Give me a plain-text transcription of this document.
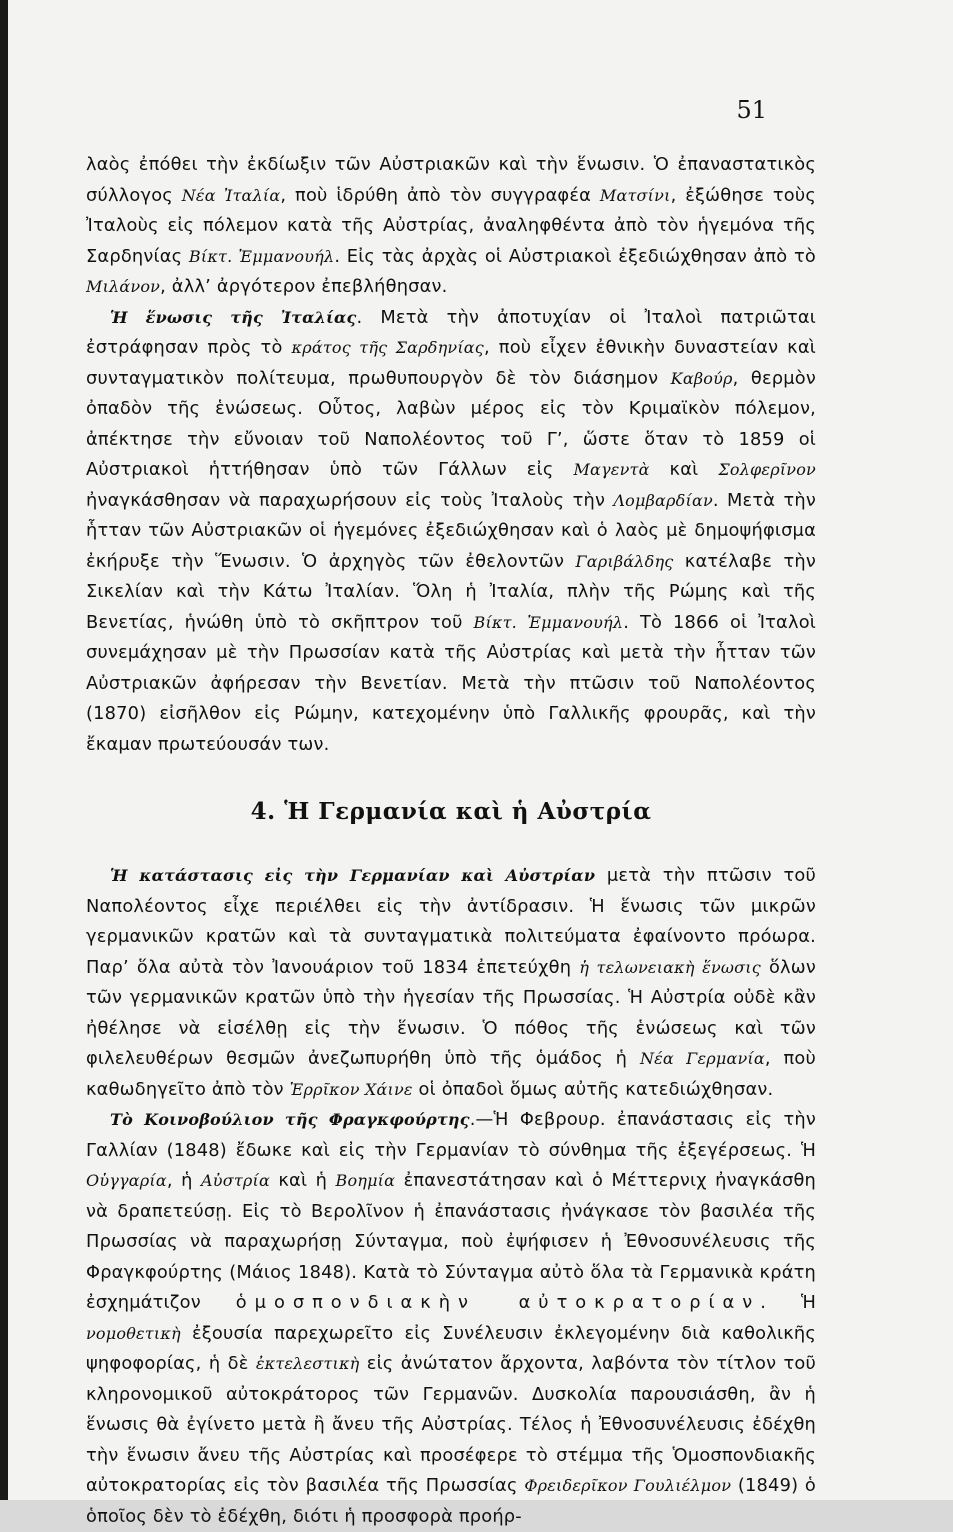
51

λαὸς ἐπόθει τὴν ἐκδίωξιν τῶν Αὐστριακῶν καὶ τὴν ἕνωσιν. Ὁ ἐπαναστατικὸς σύλλογος Νέα Ἰταλία, ποὺ ἱδρύθη ἀπὸ τὸν συγγραφέα Ματσίνι, ἐξώθησε τοὺς Ἰταλοὺς εἰς πόλεμον κατὰ τῆς Αὐστρίας, ἀναληφθέντα ἀπὸ τὸν ἡγεμόνα τῆς Σαρδηνίας Βίκτ. Ἐμμανουήλ. Εἰς τὰς ἀρχὰς οἱ Αὐστριακοὶ ἐξεδιώχθησαν ἀπὸ τὸ Μιλάνον, ἀλλ’ ἀργότερον ἐπεβλήθησαν.

Ἡ ἕνωσις τῆς Ἰταλίας. Μετὰ τὴν ἀποτυχίαν οἱ Ἰταλοὶ πατριῶται ἐστράφησαν πρὸς τὸ κράτος τῆς Σαρδηνίας, ποὺ εἶχεν ἐθνικὴν δυναστείαν καὶ συνταγματικὸν πολίτευμα, πρωθυπουργὸν δὲ τὸν διάσημον Καβούρ, θερμὸν ὀπαδὸν τῆς ἑνώσεως. Οὗτος, λαβὼν μέρος εἰς τὸν Κριμαϊκὸν πόλεμον, ἀπέκτησε τὴν εὔνοιαν τοῦ Ναπολέοντος τοῦ Γ’, ὥστε ὅταν τὸ 1859 οἱ Αὐστριακοὶ ἡττήθησαν ὑπὸ τῶν Γάλλων εἰς Μαγεντὰ καὶ Σολφερῖνον ἠναγκάσθησαν νὰ παραχωρήσουν εἰς τοὺς Ἰταλοὺς τὴν Λομβαρδίαν. Μετὰ τὴν ἧτταν τῶν Αὐστριακῶν οἱ ἡγεμόνες ἐξεδιώχθησαν καὶ ὁ λαὸς μὲ δημοψήφισμα ἐκήρυξε τὴν Ἕνωσιν. Ὁ ἀρχηγὸς τῶν ἐθελοντῶν Γαριβάλδης κατέλαβε τὴν Σικελίαν καὶ τὴν Κάτω Ἰταλίαν. Ὅλη ἡ Ἰταλία, πλὴν τῆς Ρώμης καὶ τῆς Βενετίας, ἡνώθη ὑπὸ τὸ σκῆπτρον τοῦ Βίκτ. Ἐμμανουήλ. Τὸ 1866 οἱ Ἰταλοὶ συνεμάχησαν μὲ τὴν Πρωσσίαν κατὰ τῆς Αὐστρίας καὶ μετὰ τὴν ἧτταν τῶν Αὐστριακῶν ἀφήρεσαν τὴν Βενετίαν. Μετὰ τὴν πτῶσιν τοῦ Ναπολέοντος (1870) εἰσῆλθον εἰς Ρώμην, κατεχομένην ὑπὸ Γαλλικῆς φρουρᾶς, καὶ τὴν ἔκαμαν πρωτεύουσάν των.

4. Ἡ Γερμανία καὶ ἡ Αὐστρία

Ἡ κατάστασις εἰς τὴν Γερμανίαν καὶ Αὐστρίαν μετὰ τὴν πτῶσιν τοῦ Ναπολέοντος εἶχε περιέλθει εἰς τὴν ἀντίδρασιν. Ἡ ἕνωσις τῶν μικρῶν γερμανικῶν κρατῶν καὶ τὰ συνταγματικὰ πολιτεύματα ἐφαίνοντο πρόωρα. Παρ’ ὅλα αὐτὰ τὸν Ἰανουάριον τοῦ 1834 ἐπετεύχθη ἡ τελωνειακὴ ἕνωσις ὅλων τῶν γερμανικῶν κρατῶν ὑπὸ τὴν ἡγεσίαν τῆς Πρωσσίας. Ἡ Αὐστρία οὐδὲ κἂν ἠθέλησε νὰ εἰσέλθῃ εἰς τὴν ἕνωσιν. Ὁ πόθος τῆς ἑνώσεως καὶ τῶν φιλελευθέρων θεσμῶν ἀνεζωπυρήθη ὑπὸ τῆς ὁμάδος ἡ Νέα Γερμανία, ποὺ καθωδηγεῖτο ἀπὸ τὸν Ἐρρῖκον Χάινε οἱ ὀπαδοὶ ὅμως αὐτῆς κατεδιώχθησαν.

Τὸ Κοινοβούλιον τῆς Φραγκφούρτης.—Ἡ Φεβρουρ. ἐπανάστασις εἰς τὴν Γαλλίαν (1848) ἔδωκε καὶ εἰς τὴν Γερμανίαν τὸ σύνθημα τῆς ἐξεγέρσεως. Ἡ Οὑγγαρία, ἡ Αὐστρία καὶ ἡ Βοημία ἐπανεστάτησαν καὶ ὁ Μέττερνιχ ἠναγκάσθη νὰ δραπετεύσῃ. Εἰς τὸ Βερολῖνον ἡ ἐπανάστασις ἠνάγκασε τὸν βασιλέα τῆς Πρωσσίας νὰ παραχωρήσῃ Σύνταγμα, ποὺ ἐψήφισεν ἡ Ἐθνοσυνέλευσις τῆς Φραγκφούρτης (Μάιος 1848). Κατὰ τὸ Σύνταγμα αὐτὸ ὅλα τὰ Γερμανικὰ κράτη ἐσχημάτιζον ὁμοσπονδιακὴν αὐτοκρατορίαν. Ἡ νομοθετικὴ ἐξουσία παρεχωρεῖτο εἰς Συνέλευσιν ἐκλεγομένην διὰ καθολικῆς ψηφοφορίας, ἡ δὲ ἐκτελεστικὴ εἰς ἀνώτατον ἄρχοντα, λαβόντα τὸν τίτλον τοῦ κληρονομικοῦ αὐτοκράτορος τῶν Γερμανῶν. Δυσκολία παρουσιάσθη, ἂν ἡ ἕνωσις θὰ ἐγίνετο μετὰ ἢ ἄνευ τῆς Αὐστρίας. Τέλος ἡ Ἐθνοσυνέλευσις ἐδέχθη τὴν ἕνωσιν ἄνευ τῆς Αὐστρίας καὶ προσέφερε τὸ στέμμα τῆς Ὁμοσπονδιακῆς αὐτοκρατορίας εἰς τὸν βασιλέα τῆς Πρωσσίας Φρειδερῖκον Γουλιέλμον (1849) ὁ ὁποῖος δὲν τὸ ἐδέχθη, διότι ἡ προσφορὰ προήρ-
